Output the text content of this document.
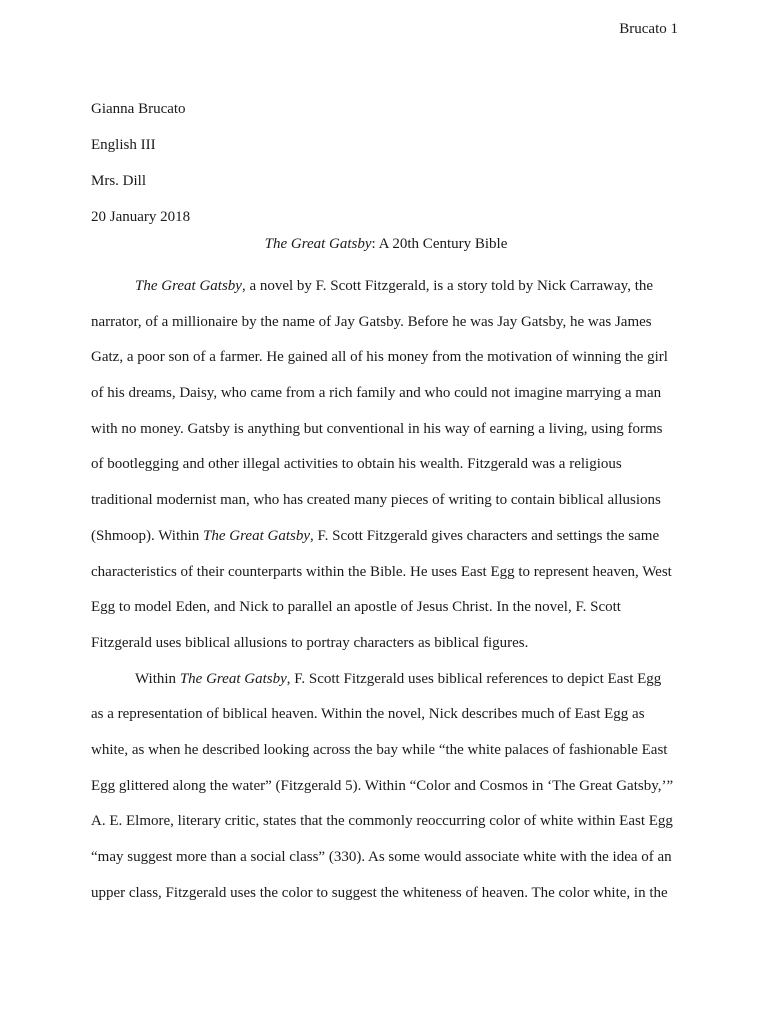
Brucato 1
Gianna Brucato
English III
Mrs. Dill
20 January 2018
The Great Gatsby: A 20th Century Bible
The Great Gatsby, a novel by F. Scott Fitzgerald, is a story told by Nick Carraway, the
narrator, of a millionaire by the name of Jay Gatsby. Before he was Jay Gatsby, he was James
Gatz, a poor son of a farmer. He gained all of his money from the motivation of winning the girl
of his dreams, Daisy, who came from a rich family and who could not imagine marrying a man
with no money. Gatsby is anything but conventional in his way of earning a living, using forms
of bootlegging and other illegal activities to obtain his wealth. Fitzgerald was a religious
traditional modernist man, who has created many pieces of writing to contain biblical allusions
(Shmoop). Within The Great Gatsby, F. Scott Fitzgerald gives characters and settings the same
characteristics of their counterparts within the Bible. He uses East Egg to represent heaven, West
Egg to model Eden, and Nick to parallel an apostle of Jesus Christ. In the novel, F. Scott
Fitzgerald uses biblical allusions to portray characters as biblical figures.
Within The Great Gatsby, F. Scott Fitzgerald uses biblical references to depict East Egg
as a representation of biblical heaven. Within the novel, Nick describes much of East Egg as
white, as when he described looking across the bay while “the white palaces of fashionable East
Egg glittered along the water” (Fitzgerald 5). Within “Color and Cosmos in ‘The Great Gatsby,’”
A. E. Elmore, literary critic, states that the commonly reoccurring color of white within East Egg
“may suggest more than a social class” (330). As some would associate white with the idea of an
upper class, Fitzgerald uses the color to suggest the whiteness of heaven. The color white, in the
